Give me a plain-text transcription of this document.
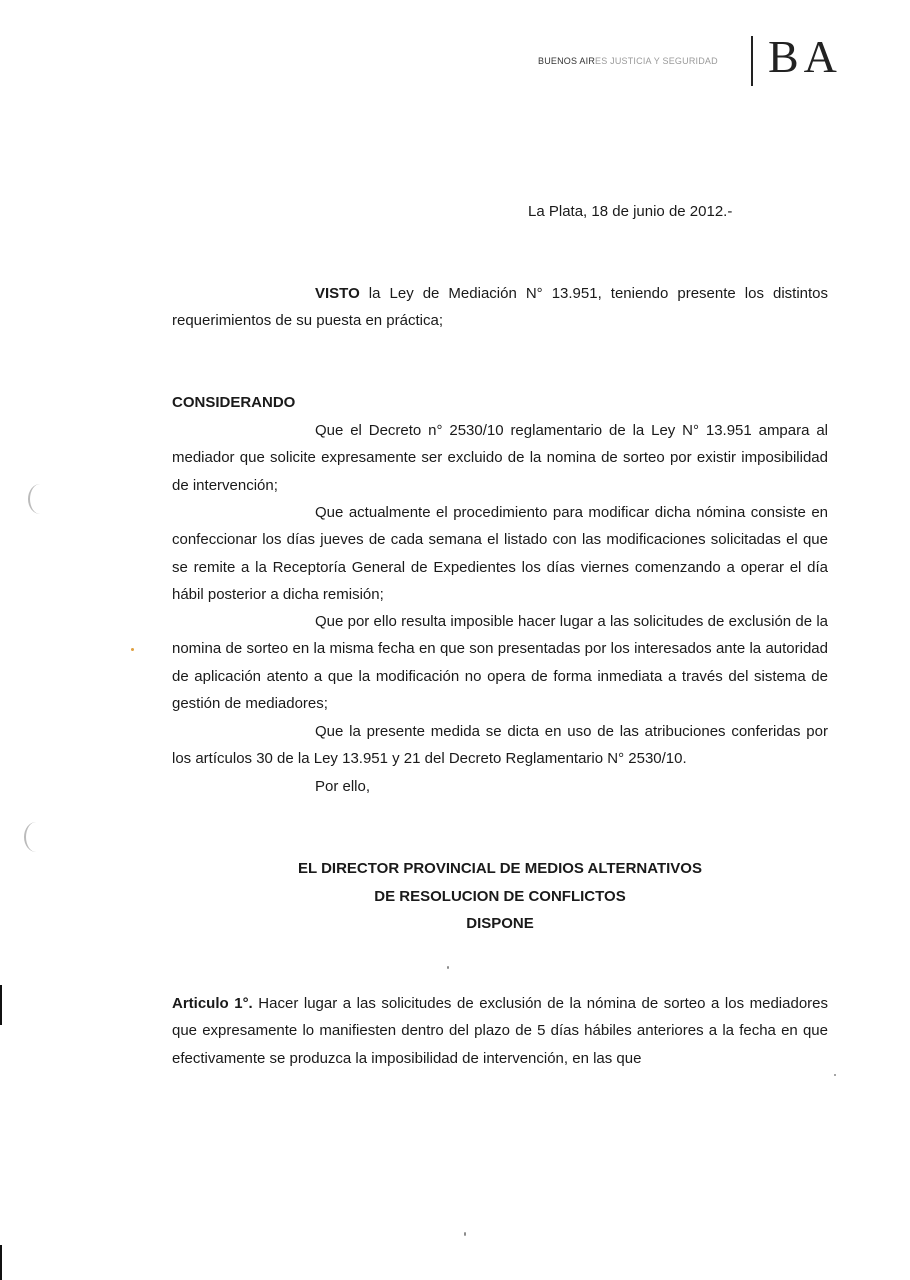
BUENOS AIRES JUSTICIA Y SEGURIDAD BA
La Plata, 18 de junio de 2012.-
VISTO la Ley de Mediación N° 13.951, teniendo presente los distintos requerimientos de su puesta en práctica;
CONSIDERANDO
Que el Decreto n° 2530/10 reglamentario de la Ley N° 13.951 ampara al mediador que solicite expresamente ser excluido de la nomina de sorteo por existir imposibilidad de intervención;
Que actualmente el procedimiento para modificar dicha nómina consiste en confeccionar los días jueves de cada semana el listado con las modificaciones solicitadas el que se remite a la Receptoría General de Expedientes los días viernes comenzando a operar el día hábil posterior a dicha remisión;
Que por ello resulta imposible hacer lugar a las solicitudes de exclusión de la nomina de sorteo en la misma fecha en que son presentadas por los interesados ante la autoridad de aplicación atento a que la modificación no opera de forma inmediata a través del sistema de gestión de mediadores;
Que la presente medida se dicta en uso de las atribuciones conferidas por los artículos 30 de la Ley 13.951 y 21 del Decreto Reglamentario N° 2530/10.
Por ello,
EL DIRECTOR PROVINCIAL DE MEDIOS ALTERNATIVOS
DE RESOLUCION DE CONFLICTOS
DISPONE
Articulo 1°. Hacer lugar a las solicitudes de exclusión de la nómina de sorteo a los mediadores que expresamente lo manifiesten dentro del plazo de 5 días hábiles anteriores a la fecha en que efectivamente se produzca la imposibilidad de intervención, en las que
